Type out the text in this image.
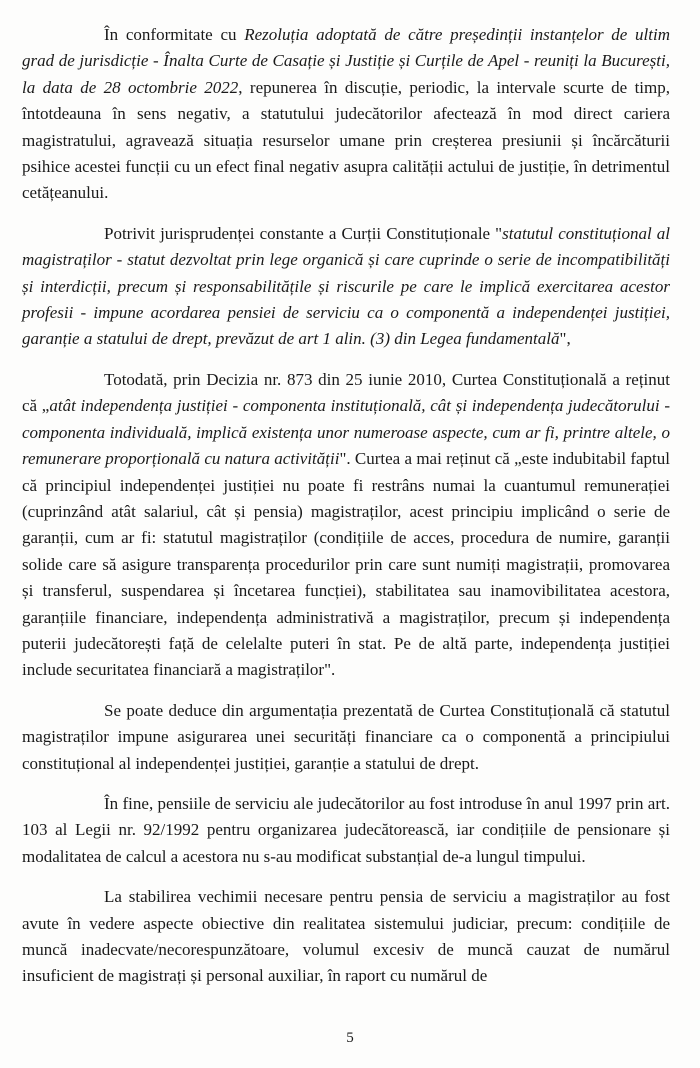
În conformitate cu Rezoluția adoptată de către președinții instanțelor de ultim grad de jurisdicție - Înalta Curte de Casație și Justiție și Curțile de Apel - reuniți la București, la data de 28 octombrie 2022, repunerea în discuție, periodic, la intervale scurte de timp, întotdeauna în sens negativ, a statutului judecătorilor afectează în mod direct cariera magistratului, agravează situația resurselor umane prin creșterea presiunii și încărcăturii psihice acestei funcții cu un efect final negativ asupra calității actului de justiție, în detrimentul cetățeanului.

Potrivit jurisprudenței constante a Curții Constituționale "statutul constituțional al magistraților - statut dezvoltat prin lege organică și care cuprinde o serie de incompatibilități și interdicții, precum și responsabilitățile și riscurile pe care le implică exercitarea acestor profesii - impune acordarea pensiei de serviciu ca o componentă a independenței justiției, garanție a statului de drept, prevăzut de art 1 alin. (3) din Legea fundamentală",

Totodată, prin Decizia nr. 873 din 25 iunie 2010, Curtea Constituțională a reținut că „atât independența justiției - componenta instituțională, cât și independența judecătorului - componenta individuală, implică existența unor numeroase aspecte, cum ar fi, printre altele, o remunerare proporțională cu natura activității". Curtea a mai reținut că „este indubitabil faptul că principiul independenței justiției nu poate fi restrâns numai la cuantumul remunerației (cuprinzând atât salariul, cât și pensia) magistraților, acest principiu implicând o serie de garanții, cum ar fi: statutul magistraților (condițiile de acces, procedura de numire, garanții solide care să asigure transparența procedurilor prin care sunt numiți magistrații, promovarea și transferul, suspendarea și încetarea funcției), stabilitatea sau inamovibilitatea acestora, garanțiile financiare, independența administrativă a magistraților, precum și independența puterii judecătorești față de celelalte puteri în stat. Pe de altă parte, independența justiției include securitatea financiară a magistraților".

Se poate deduce din argumentația prezentată de Curtea Constituțională că statutul magistraților impune asigurarea unei securități financiare ca o componentă a principiului constituțional al independenței justiției, garanție a statului de drept.

În fine, pensiile de serviciu ale judecătorilor au fost introduse în anul 1997 prin art. 103 al Legii nr. 92/1992 pentru organizarea judecătorească, iar condițiile de pensionare și modalitatea de calcul a acestora nu s-au modificat substanțial de-a lungul timpului.

La stabilirea vechimii necesare pentru pensia de serviciu a magistraților au fost avute în vedere aspecte obiective din realitatea sistemului judiciar, precum: condițiile de muncă inadecvate/necorespunzătoare, volumul excesiv de muncă cauzat de numărul insuficient de magistrați și personal auxiliar, în raport cu numărul de

5
